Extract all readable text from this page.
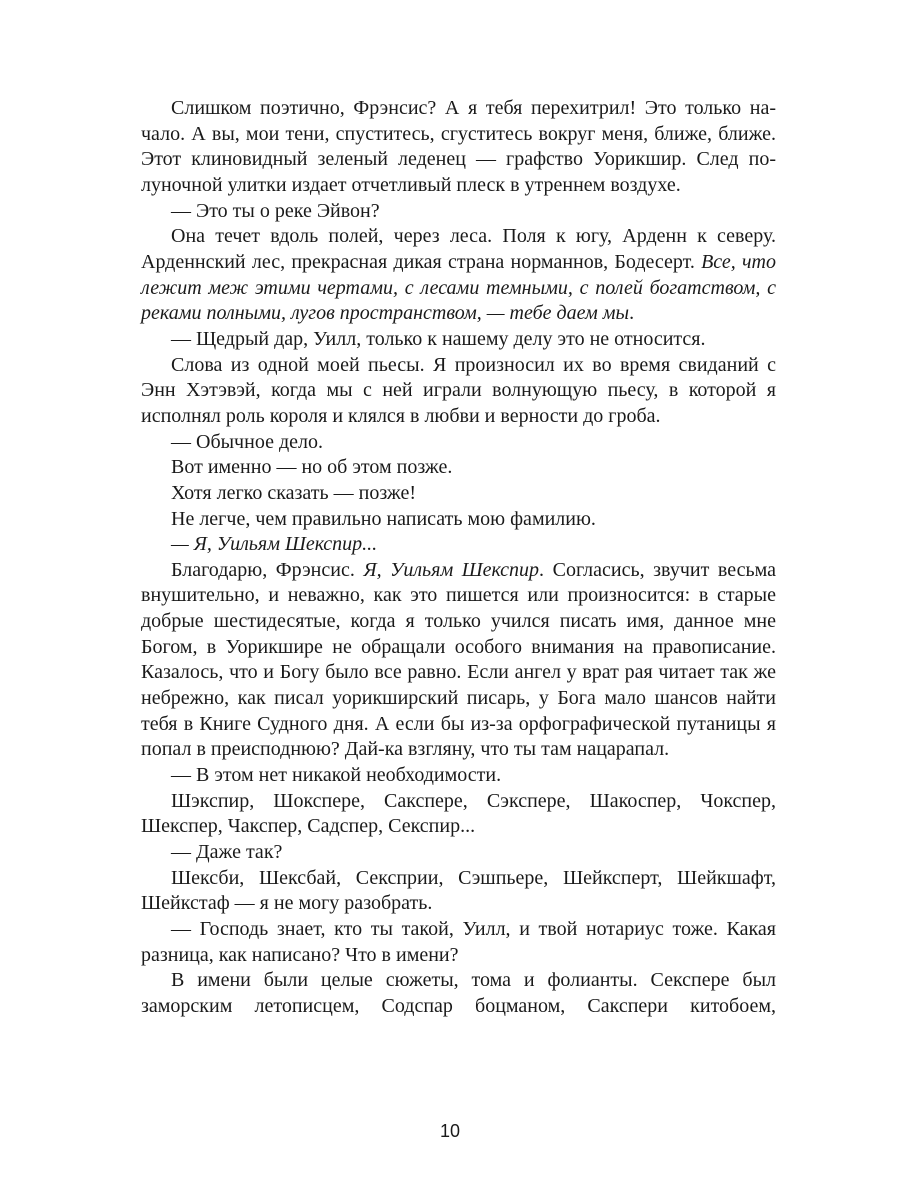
Слишком поэтично, Фрэнсис? А я тебя перехитрил! Это только начало. А вы, мои тени, спуститесь, сгуститесь вокруг меня, ближе, ближе. Этот клиновидный зеленый леденец — графство Уорикшир. След полуночной улитки издает отчетливый плеск в утреннем воздухе.

— Это ты о реке Эйвон?

Она течет вдоль полей, через леса. Поля к югу, Арденн к северу. Арденнский лес, прекрасная дикая страна норманнов, Бодесерт. Все, что лежит меж этими чертами, с лесами темными, с полей богатством, с реками полными, лугов пространством, — тебе даем мы.

— Щедрый дар, Уилл, только к нашему делу это не относится.

Слова из одной моей пьесы. Я произносил их во время свиданий с Энн Хэтэвэй, когда мы с ней играли волнующую пьесу, в которой я исполнял роль короля и клялся в любви и верности до гроба.

— Обычное дело.

Вот именно — но об этом позже.

Хотя легко сказать — позже!

Не легче, чем правильно написать мою фамилию.

— Я, Уильям Шекспир...

Благодарю, Фрэнсис. Я, Уильям Шекспир. Согласись, звучит весьма внушительно, и неважно, как это пишется или произносится: в старые добрые шестидесятые, когда я только учился писать имя, данное мне Богом, в Уорикшире не обращали особого внимания на правописание. Казалось, что и Богу было все равно. Если ангел у врат рая читает так же небрежно, как писал уорикширский писарь, у Бога мало шансов найти тебя в Книге Судного дня. А если бы из-за орфографической путаницы я попал в преисподнюю? Дай-ка взгляну, что ты там нацарапал.

— В этом нет никакой необходимости.

Шэкспир, Шокспере, Сакспере, Сэкспере, Шакоспер, Чокспер, Шекспер, Чакспер, Садспер, Секспир...

— Даже так?

Шексби, Шексбай, Сексприи, Сэшпьере, Шейксперт, Шейкшафт, Шейкстаф — я не могу разобрать.

— Господь знает, кто ты такой, Уилл, и твой нотариус тоже. Какая разница, как написано? Что в имени?

В имени были целые сюжеты, тома и фолианты. Сексперe был заморским летописцем, Содспар боцманом, Сакспери китобоем,

10
